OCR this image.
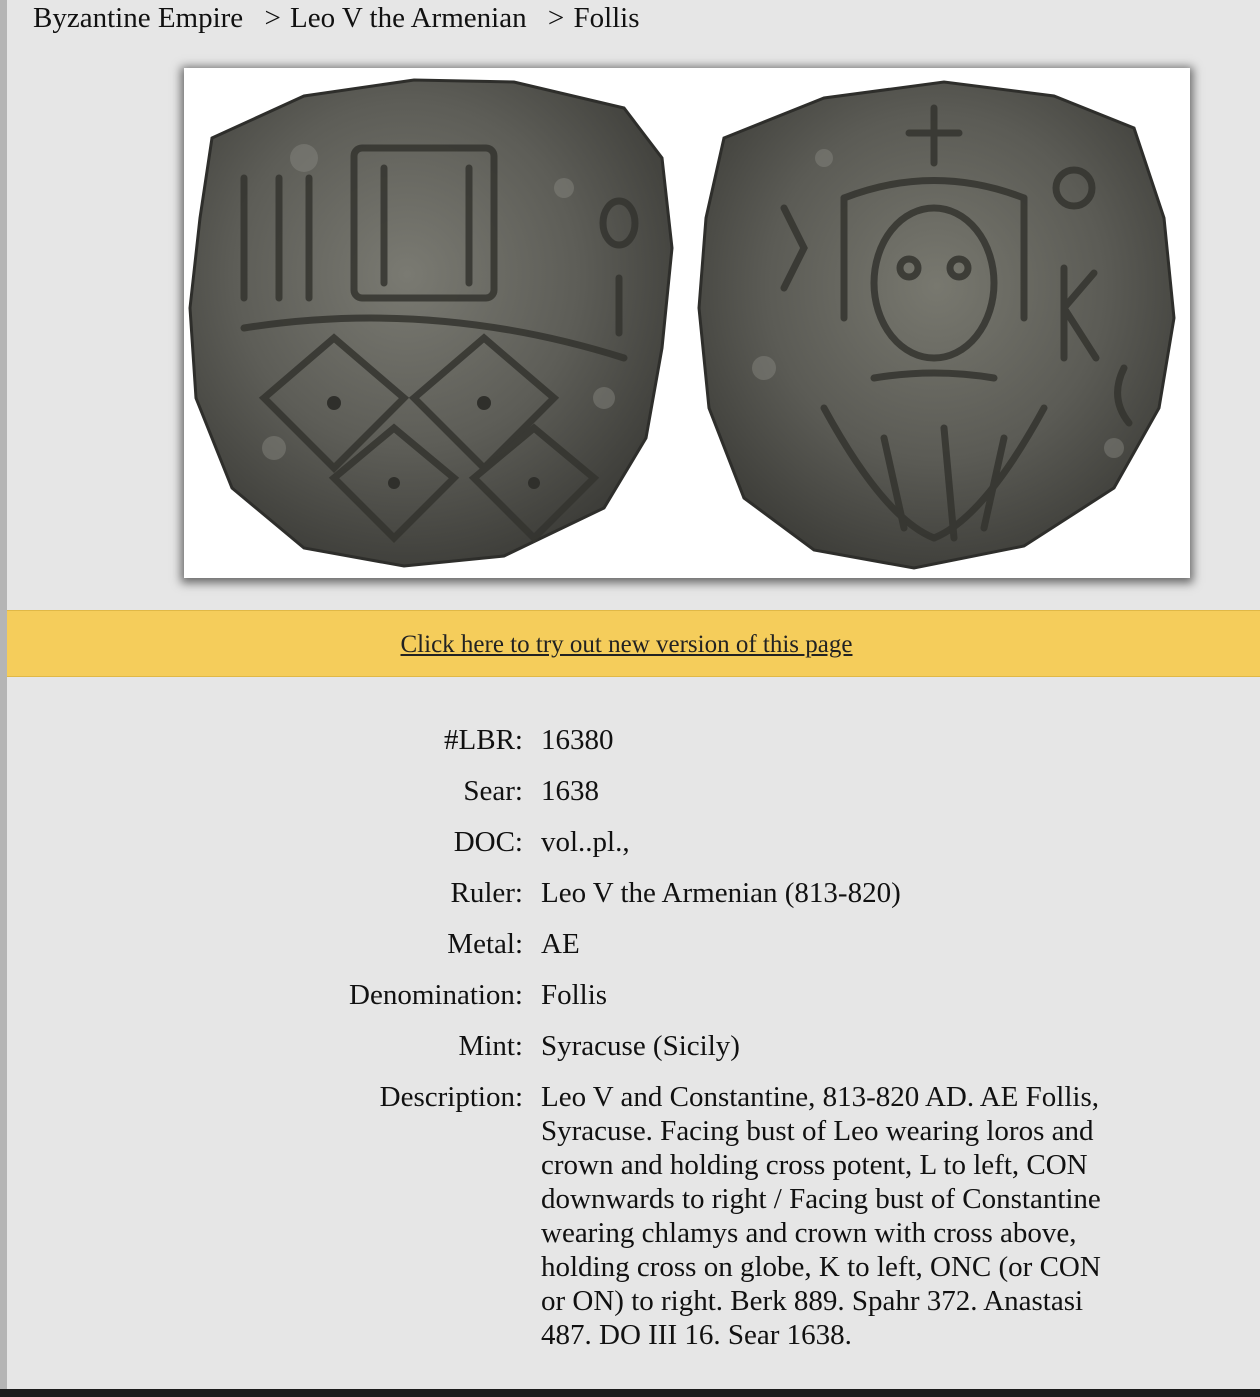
Byzantine Empire > Leo V the Armenian > Follis
Click here to try out new version of this page
#LBR: 16380
Sear: 1638
DOC: vol..pl.,
Ruler: Leo V the Armenian (813-820)
Metal: AE
Denomination: Follis
Mint: Syracuse (Sicily)
Description: Leo V and Constantine, 813-820 AD. AE Follis, Syracuse. Facing bust of Leo wearing loros and crown and holding cross potent, L to left, CON downwards to right / Facing bust of Constantine wearing chlamys and crown with cross above, holding cross on globe, K to left, ONC (or CON or ON) to right. Berk 889. Spahr 372. Anastasi 487. DO III 16. Sear 1638.
